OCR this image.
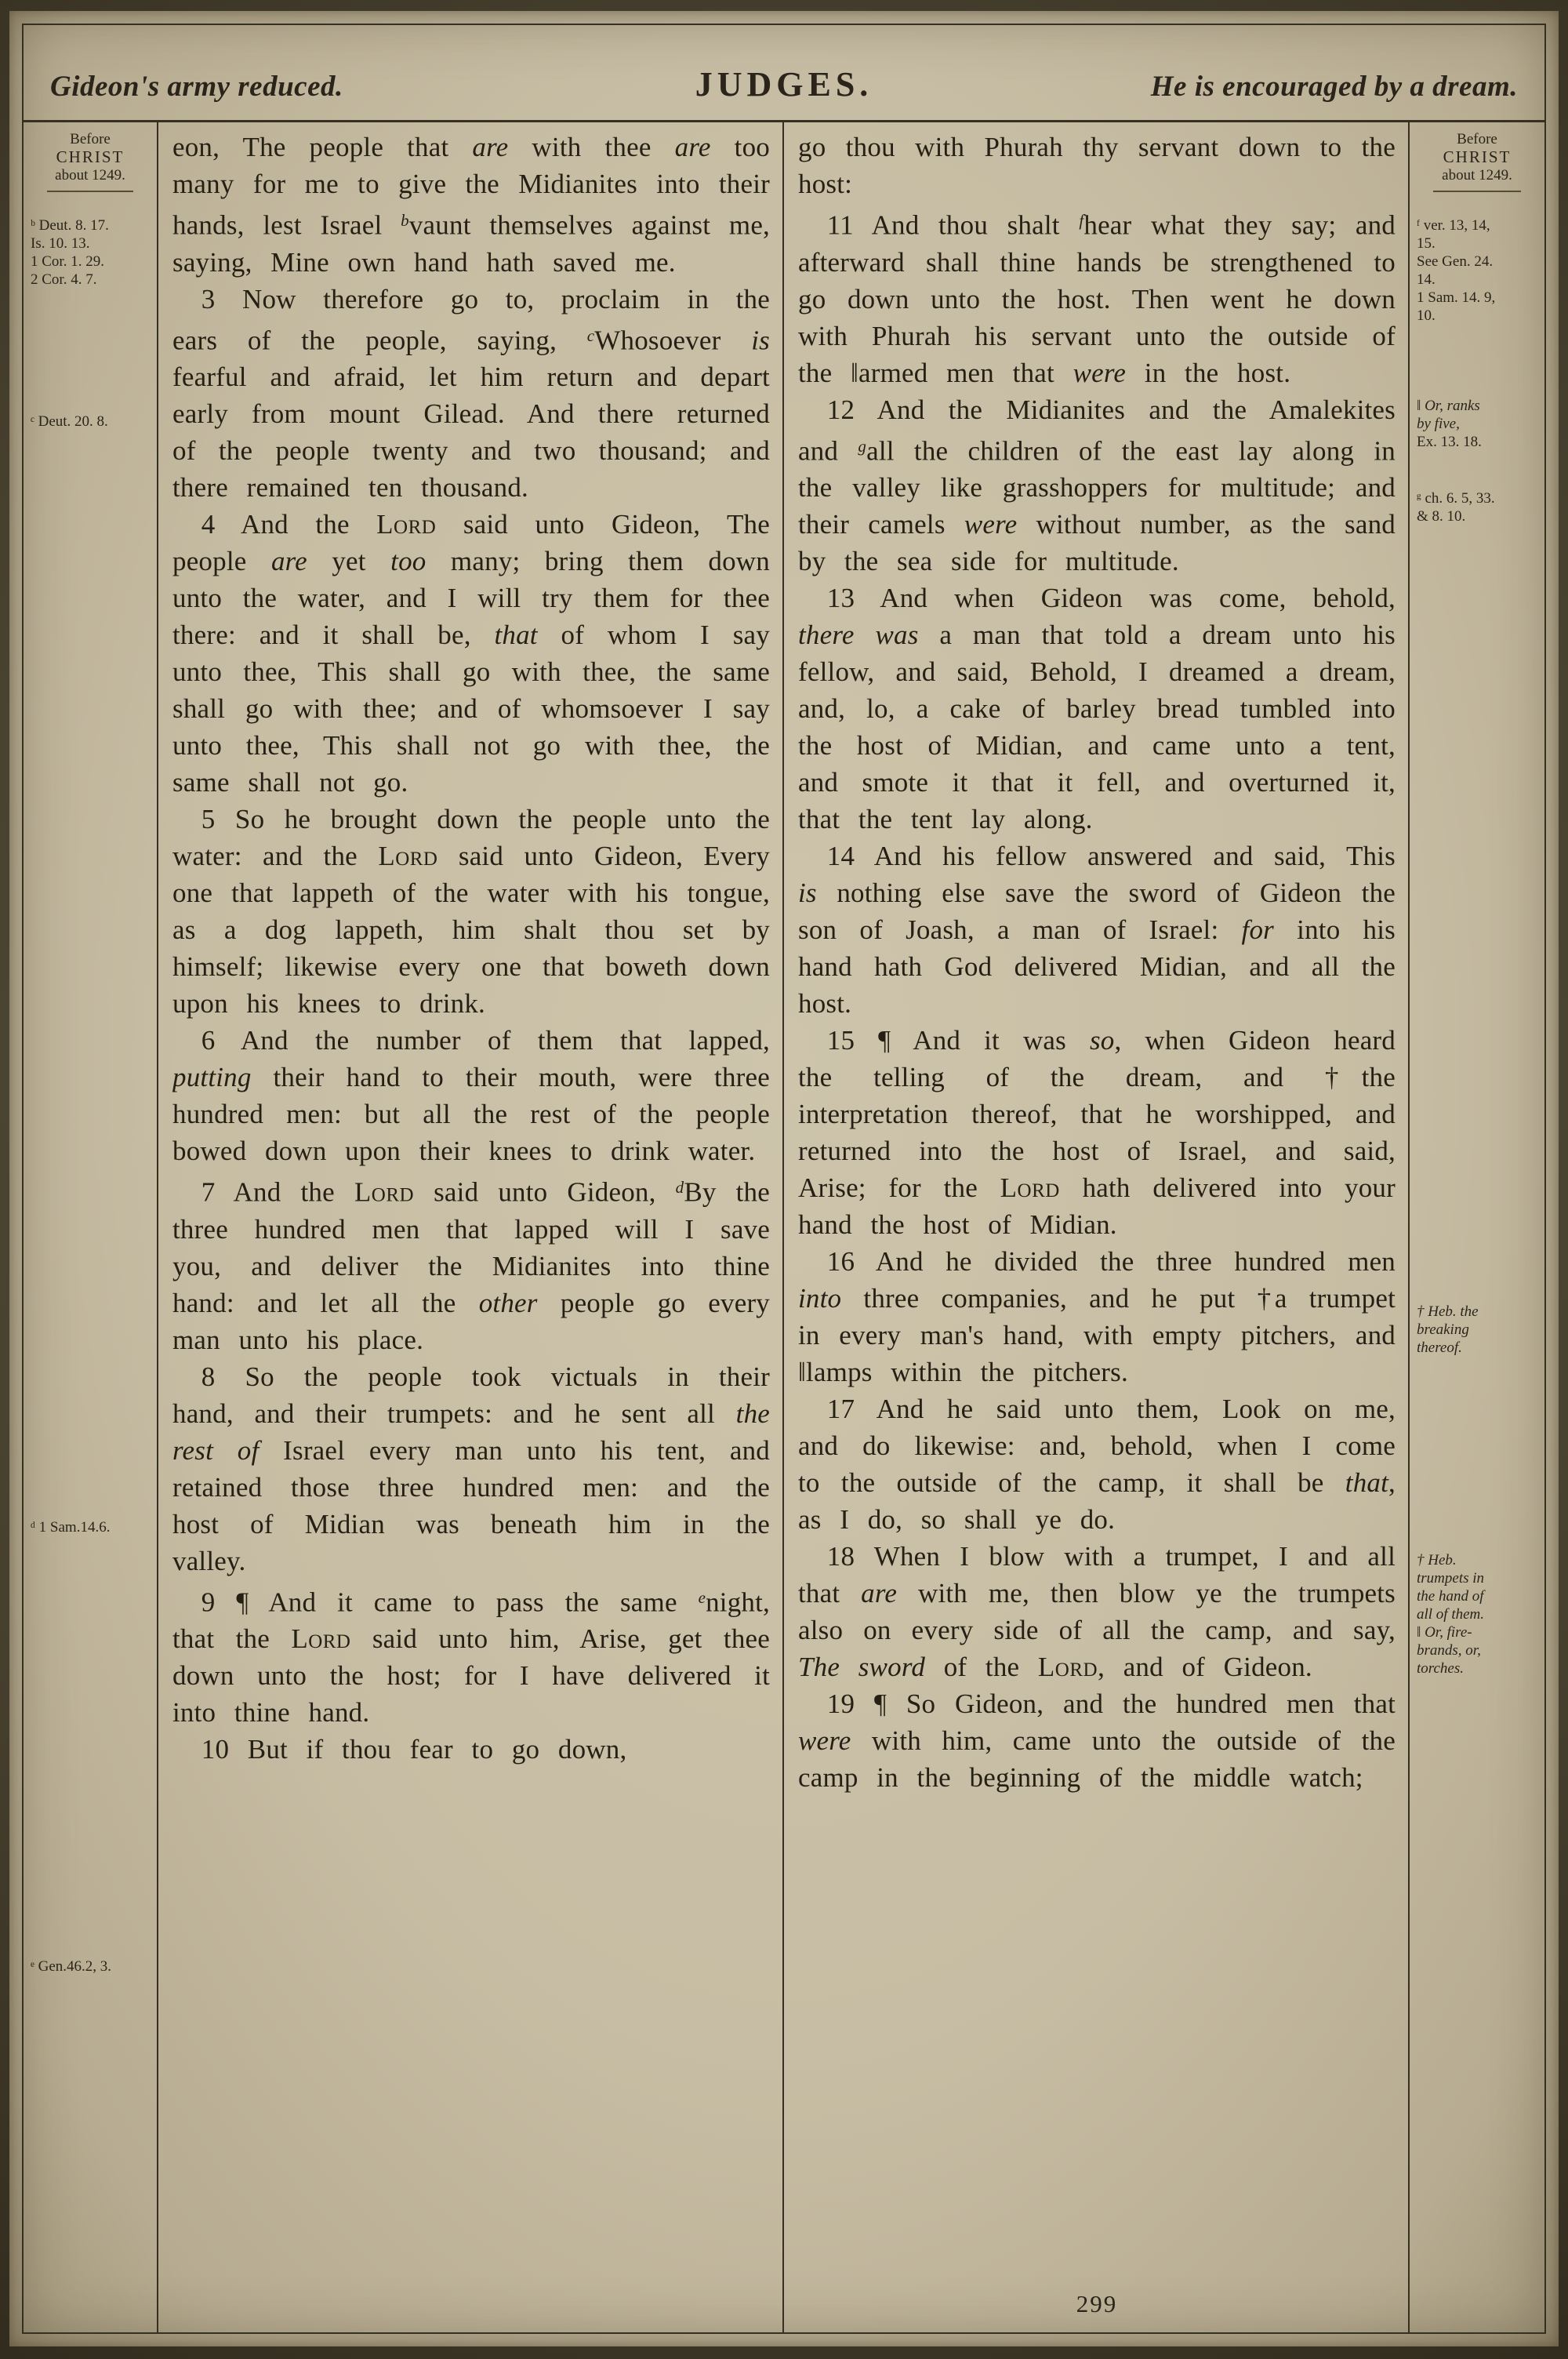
Gideon's army reduced.	JUDGES.	He is encouraged by a dream.
Before
CHRIST
about 1249.
ᵇ Deut. 8. 17.
Is. 10. 13.
1 Cor. 1. 29.
2 Cor. 4. 7.
ᶜ Deut. 20. 8.
ᵈ 1 Sam.14.6.
ᵉ Gen.46.2, 3.

eon, The people that are with thee are too many for me to give the Midianites into their hands, lest Israel $^b$vaunt themselves against me, saying, Mine own hand hath saved me.

3 Now therefore go to, proclaim in the ears of the people, saying, $^c$Whosoever is fearful and afraid, let him return and depart early from mount Gilead. And there returned of the people twenty and two thousand; and there remained ten thousand.

4 And the Lord said unto Gideon, The people are yet too many; bring them down unto the water, and I will try them for thee there: and it shall be, that of whom I say unto thee, This shall go with thee, the same shall go with thee; and of whomsoever I say unto thee, This shall not go with thee, the same shall not go.

5 So he brought down the people unto the water: and the Lord said unto Gideon, Every one that lappeth of the water with his tongue, as a dog lappeth, him shalt thou set by himself; likewise every one that boweth down upon his knees to drink.

6 And the number of them that lapped, putting their hand to their mouth, were three hundred men: but all the rest of the people bowed down upon their knees to drink water.

7 And the Lord said unto Gideon, $^d$By the three hundred men that lapped will I save you, and deliver the Midianites into thine hand: and let all the other people go every man unto his place.

8 So the people took victuals in their hand, and their trumpets: and he sent all the rest of Israel every man unto his tent, and retained those three hundred men: and the host of Midian was beneath him in the valley.

9 ¶ And it came to pass the same $^e$night, that the Lord said unto him, Arise, get thee down unto the host; for I have delivered it into thine hand.

10 But if thou fear to go down,

go thou with Phurah thy servant down to the host:

11 And thou shalt $^f$hear what they say; and afterward shall thine hands be strengthened to go down unto the host. Then went he down with Phurah his servant unto the outside of the ‖armed men that were in the host.

12 And the Midianites and the Amalekites and $^g$all the children of the east lay along in the valley like grasshoppers for multitude; and their camels were without number, as the sand by the sea side for multitude.

13 And when Gideon was come, behold, there was a man that told a dream unto his fellow, and said, Behold, I dreamed a dream, and, lo, a cake of barley bread tumbled into the host of Midian, and came unto a tent, and smote it that it fell, and overturned it, that the tent lay along.

14 And his fellow answered and said, This is nothing else save the sword of Gideon the son of Joash, a man of Israel: for into his hand hath God delivered Midian, and all the host.

15 ¶ And it was so, when Gideon heard the telling of the dream, and †the interpretation thereof, that he worshipped, and returned into the host of Israel, and said, Arise; for the Lord hath delivered into your hand the host of Midian.

16 And he divided the three hundred men into three companies, and he put †a trumpet in every man's hand, with empty pitchers, and ‖lamps within the pitchers.

17 And he said unto them, Look on me, and do likewise: and, behold, when I come to the outside of the camp, it shall be that, as I do, so shall ye do.

18 When I blow with a trumpet, I and all that are with me, then blow ye the trumpets also on every side of all the camp, and say, The sword of the Lord, and of Gideon.

19 ¶ So Gideon, and the hundred men that were with him, came unto the outside of the camp in the beginning of the middle watch;

299
Before
CHRIST
about 1249.
ᶠ ver. 13, 14,
15.
See Gen. 24.
14.
1 Sam. 14. 9,
10.
‖ Or, ranks
by five,
Ex. 13. 18.
ᵍ ch. 6. 5, 33.
& 8. 10.
† Heb. the
breaking
thereof.
† Heb.
trumpets in
the hand of
all of them.
‖ Or, fire-
brands, or,
torches.
